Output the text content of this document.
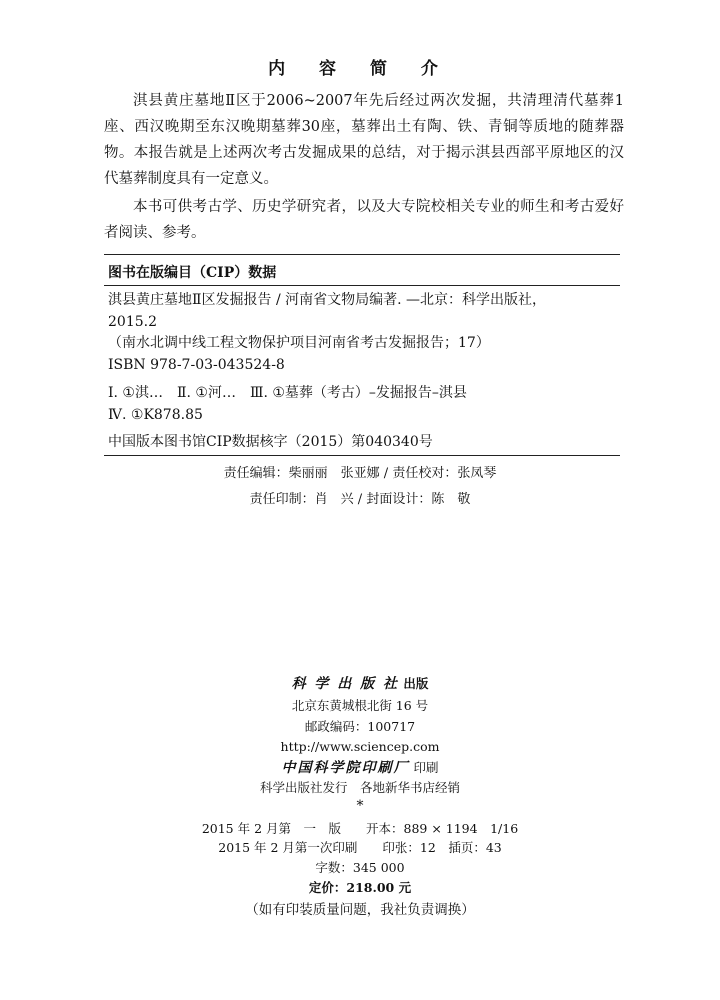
内 容 简 介

淇县黄庄墓地Ⅱ区于2006~2007年先后经过两次发掘，共清理清代墓葬1座、西汉晚期至东汉晚期墓葬30座，墓葬出土有陶、铁、青铜等质地的随葬器物。本报告就是上述两次考古发掘成果的总结，对于揭示淇县西部平原地区的汉代墓葬制度具有一定意义。

本书可供考古学、历史学研究者，以及大专院校相关专业的师生和考古爱好者阅读、参考。

图书在版编目（CIP）数据
淇县黄庄墓地Ⅱ区发掘报告 / 河南省文物局编著. —北京：科学出版社，
2015.2
（南水北调中线工程文物保护项目河南省考古发掘报告；17）
ISBN 978-7-03-043524-8
Ⅰ. ①淇…　Ⅱ. ①河…　Ⅲ. ①墓葬（考古）–发掘报告–淇县
Ⅳ. ①K878.85
中国版本图书馆CIP数据核字（2015）第040340号
责任编辑：柴丽丽　张亚娜 / 责任校对：张凤琴
责任印制：肖　兴 / 封面设计：陈　敬
科 学 出 版 社 出版
北京东黄城根北街 16 号
邮政编码：100717
http://www.sciencep.com
中国科学院印刷厂 印刷
科学出版社发行　各地新华书店经销
*
2015 年 2 月第　一　版　　开本：889 × 1194　1/16
2015 年 2 月第一次印刷　　印张：12　插页：43
字数：345 000
定价：218.00 元
（如有印装质量问题，我社负责调换）
